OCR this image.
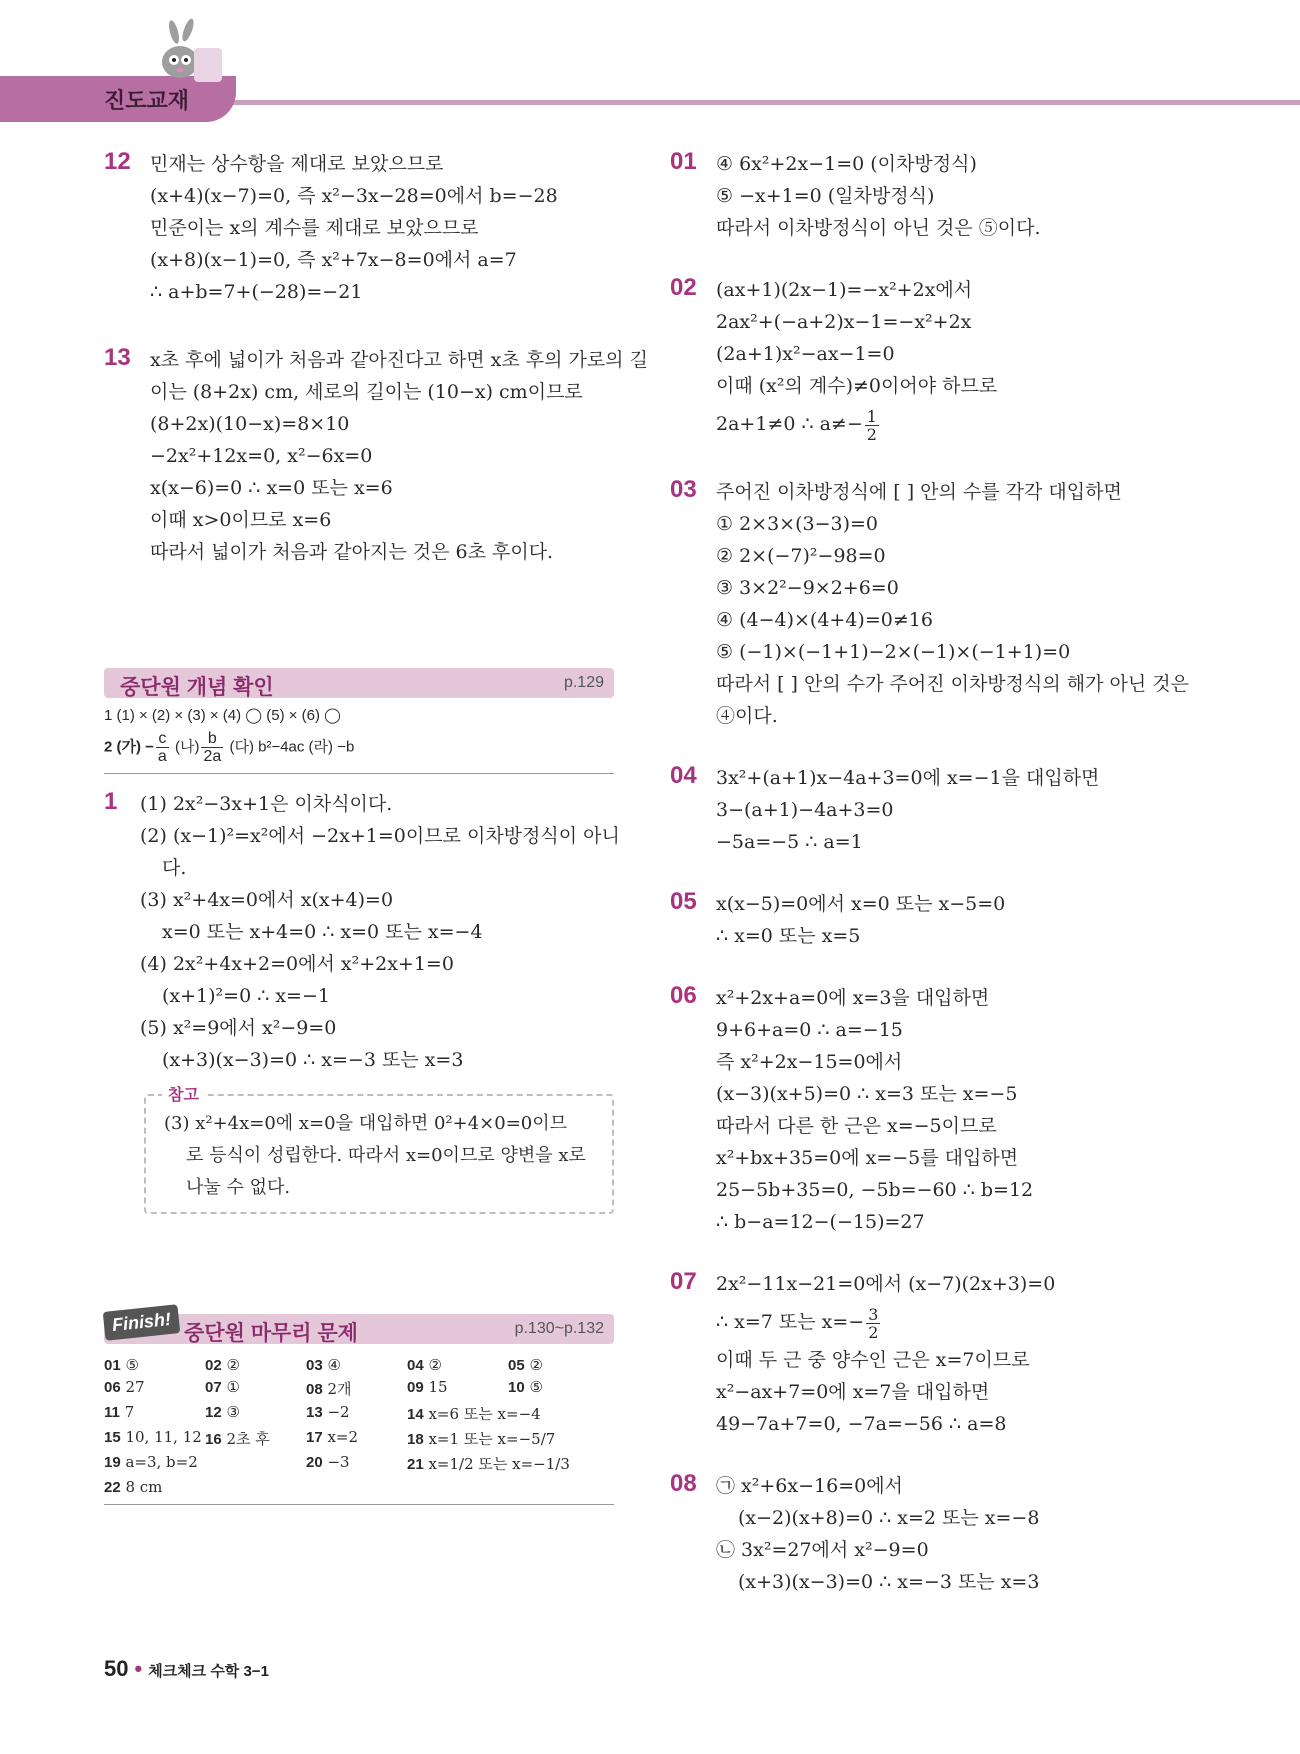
진도교재
12 민재는 상수항을 제대로 보았으므로
(x+4)(x−7)=0, 즉 x²−3x−28=0에서 b=−28
민준이는 x의 계수를 제대로 보았으므로
(x+8)(x−1)=0, 즉 x²+7x−8=0에서 a=7
∴ a+b=7+(−28)=−21
13 x초 후에 넓이가 처음과 같아진다고 하면 x초 후의 가로의 길
이는 (8+2x) cm, 세로의 길이는 (10−x) cm이므로
(8+2x)(10−x)=8×10
−2x²+12x=0, x²−6x=0
x(x−6)=0 ∴ x=0 또는 x=6
이때 x>0이므로 x=6
따라서 넓이가 처음과 같아지는 것은 6초 후이다.
중단원 개념 확인	p.129
1 (1) × (2) × (3) × (4) ◯ (5) × (6) ◯
2 (가) − $\frac{c}{a}$ (나) $\frac{b}{2a}$ (다) b²−4ac (라) −b
1 (1) 2x²−3x+1은 이차식이다.
(2) (x−1)²=x²에서 −2x+1=0이므로 이차방정식이 아니
다.
(3) x²+4x=0에서 x(x+4)=0
x=0 또는 x+4=0 ∴ x=0 또는 x=−4
(4) 2x²+4x+2=0에서 x²+2x+1=0
(x+1)²=0 ∴ x=−1
(5) x²=9에서 x²−9=0
(x+3)(x−3)=0 ∴ x=−3 또는 x=3
참고
(3) x²+4x=0에 x=0을 대입하면 0²+4×0=0이므
로 등식이 성립한다. 따라서 x=0이므로 양변을 x로
나눌 수 없다.
Finish! 중단원 마무리 문제	p.130~p.132
01 ⑤	02 ②	03 ④	04 ②	05 ②
06 27	07 ①	08 2개	09 15	10 ⑤
11 7	12 ③	13 −2	14 x=6 또는 x=−4
15 10, 11, 12 16 2초 후	17 x=2	18 x=1 또는 x=−5/7
19 a=3, b=2	20 −3	21 x=1/2 또는 x=−1/3
22 8 cm
01 ④ 6x²+2x−1=0 (이차방정식)
⑤ −x+1=0 (일차방정식)
따라서 이차방정식이 아닌 것은 ⑤이다.
02 (ax+1)(2x−1)=−x²+2x에서
2ax²+(−a+2)x−1=−x²+2x
(2a+1)x²−ax−1=0
이때 (x²의 계수)≠0이어야 하므로
2a+1≠0 ∴ $a\ne- \frac{1}{2}$
03 주어진 이차방정식에 [ ] 안의 수를 각각 대입하면
① 2×3×(3−3)=0
② 2×(−7)²−98=0
③ 3×2²−9×2+6=0
④ (4−4)×(4+4)=0≠16
⑤ (−1)×(−1+1)−2×(−1)×(−1+1)=0
따라서 [ ] 안의 수가 주어진 이차방정식의 해가 아닌 것은
④이다.
04 3x²+(a+1)x−4a+3=0에 x=−1을 대입하면
3−(a+1)−4a+3=0
−5a=−5 ∴ a=1
05 x(x−5)=0에서 x=0 또는 x−5=0
∴ x=0 또는 x=5
06 x²+2x+a=0에 x=3을 대입하면
9+6+a=0 ∴ a=−15
즉 x²+2x−15=0에서
(x−3)(x+5)=0 ∴ x=3 또는 x=−5
따라서 다른 한 근은 x=−5이므로
x²+bx+35=0에 x=−5를 대입하면
25−5b+35=0, −5b=−60 ∴ b=12
∴ b−a=12−(−15)=27
07 2x²−11x−21=0에서 (x−7)(2x+3)=0
∴ x=7 또는 $x=- \frac{3}{2}$
이때 두 근 중 양수인 근은 x=7이므로
x²−ax+7=0에 x=7을 대입하면
49−7a+7=0, −7a=−56 ∴ a=8
08 ㉠ x²+6x−16=0에서
(x−2)(x+8)=0 ∴ x=2 또는 x=−8
㉡ 3x²=27에서 x²−9=0
(x+3)(x−3)=0 ∴ x=−3 또는 x=3
50 • 체크체크 수학 3−1
